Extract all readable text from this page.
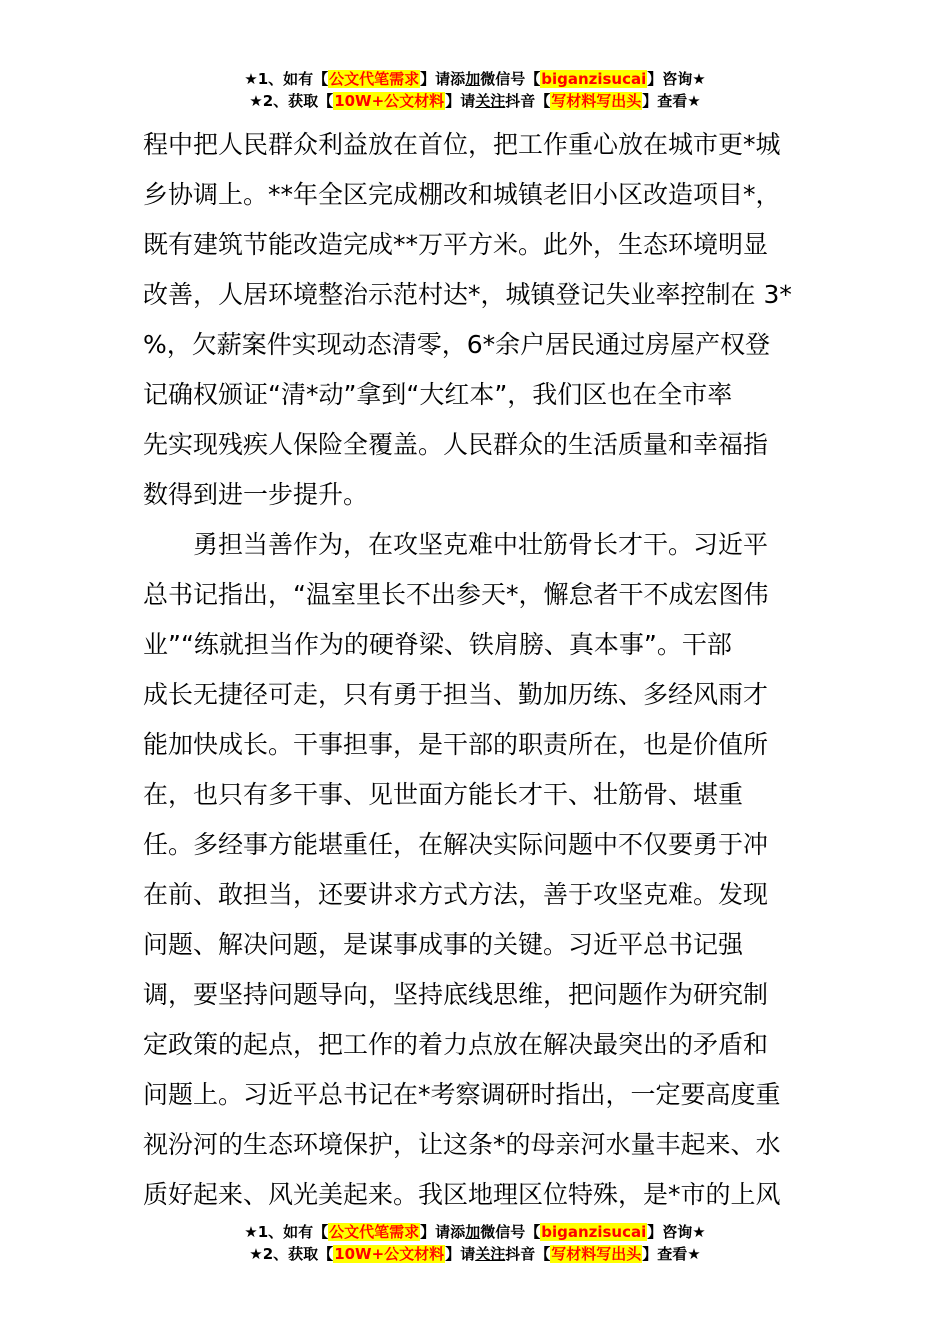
★1、如有【公文代笔需求】请添加微信号【biganzisucai】咨询★
★2、获取【10W+公文材料】请关注抖音【写材料写出头】查看★
程中把人民群众利益放在首位，把工作重心放在城市更*城
乡协调上。**年全区完成棚改和城镇老旧小区改造项目*，
既有建筑节能改造完成**万平方米。此外，生态环境明显
改善，人居环境整治示范村达*，城镇登记失业率控制在 3*
%，欠薪案件实现动态清零，6*余户居民通过房屋产权登
记确权颁证“清*动”拿到“大红本”，我们区也在全市率
先实现残疾人保险全覆盖。人民群众的生活质量和幸福指
数得到进一步提升。
　　勇担当善作为，在攻坚克难中壮筋骨长才干。习近平
总书记指出，“温室里长不出参天*，懈怠者干不成宏图伟
业”“练就担当作为的硬脊梁、铁肩膀、真本事”。干部
成长无捷径可走，只有勇于担当、勤加历练、多经风雨才
能加快成长。干事担事，是干部的职责所在，也是价值所
在，也只有多干事、见世面方能长才干、壮筋骨、堪重
任。多经事方能堪重任，在解决实际问题中不仅要勇于冲
在前、敢担当，还要讲求方式方法，善于攻坚克难。发现
问题、解决问题，是谋事成事的关键。习近平总书记强
调，要坚持问题导向，坚持底线思维，把问题作为研究制
定政策的起点，把工作的着力点放在解决最突出的矛盾和
问题上。习近平总书记在*考察调研时指出，一定要高度重
视汾河的生态环境保护，让这条*的母亲河水量丰起来、水
质好起来、风光美起来。我区地理区位特殊，是*市的上风
★1、如有【公文代笔需求】请添加微信号【biganzisucai】咨询★
★2、获取【10W+公文材料】请关注抖音【写材料写出头】查看★
